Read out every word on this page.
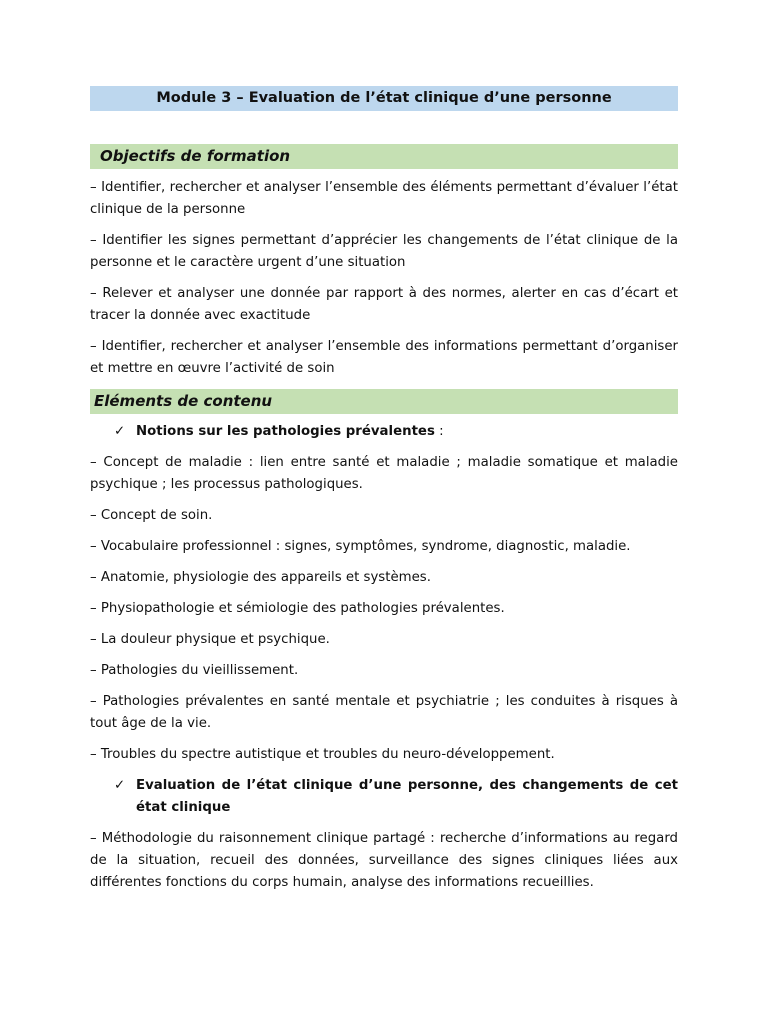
Module 3 – Evaluation de l’état clinique d’une personne
Objectifs de formation

– Identifier, rechercher et analyser l’ensemble des éléments permettant d’évaluer l’état clinique de la personne

– Identifier les signes permettant d’apprécier les changements de l’état clinique de la personne et le caractère urgent d’une situation

– Relever et analyser une donnée par rapport à des normes, alerter en cas d’écart et tracer la donnée avec exactitude

– Identifier, rechercher et analyser l’ensemble des informations permettant d’organiser et mettre en œuvre l’activité de soin

Eléments de contenu
✓ Notions sur les pathologies prévalentes :

– Concept de maladie : lien entre santé et maladie ; maladie somatique et maladie psychique ; les processus pathologiques.

– Concept de soin.

– Vocabulaire professionnel : signes, symptômes, syndrome, diagnostic, maladie.

– Anatomie, physiologie des appareils et systèmes.

– Physiopathologie et sémiologie des pathologies prévalentes.

– La douleur physique et psychique.

– Pathologies du vieillissement.

– Pathologies prévalentes en santé mentale et psychiatrie ; les conduites à risques à tout âge de la vie.

– Troubles du spectre autistique et troubles du neuro-développement.

✓ Evaluation de l’état clinique d’une personne, des changements de cet état clinique

– Méthodologie du raisonnement clinique partagé : recherche d’informations au regard de la situation, recueil des données, surveillance des signes cliniques liées aux différentes fonctions du corps humain, analyse des informations recueillies.
